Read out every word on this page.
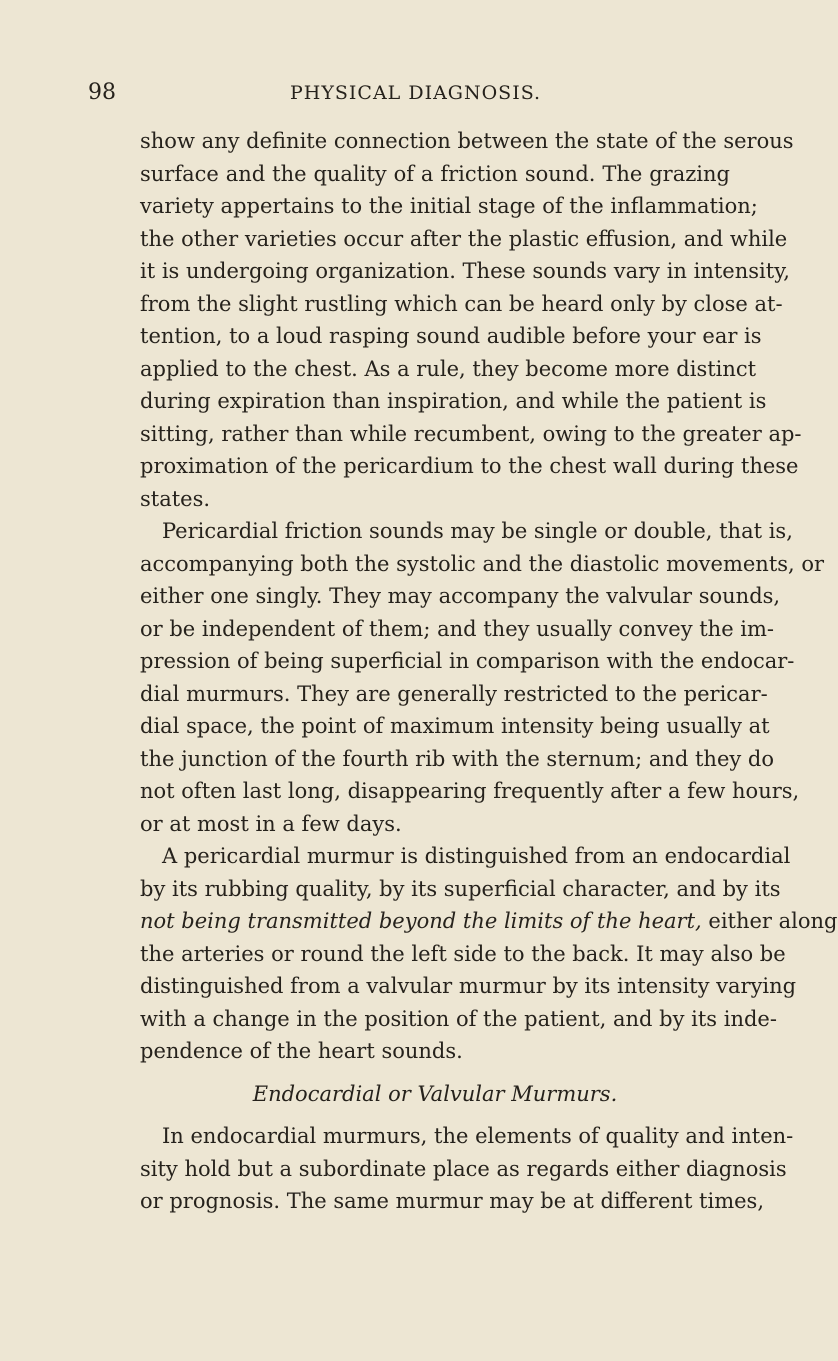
98	PHYSICAL DIAGNOSIS.
show any definite connection between the state of the serous
surface and the quality of a friction sound. The grazing
variety appertains to the initial stage of the inflammation;
the other varieties occur after the plastic effusion, and while
it is undergoing organization. These sounds vary in intensity,
from the slight rustling which can be heard only by close at-
tention, to a loud rasping sound audible before your ear is
applied to the chest. As a rule, they become more distinct
during expiration than inspiration, and while the patient is
sitting, rather than while recumbent, owing to the greater ap-
proximation of the pericardium to the chest wall during these
states.
Pericardial friction sounds may be single or double, that is,
accompanying both the systolic and the diastolic movements, or
either one singly. They may accompany the valvular sounds,
or be independent of them; and they usually convey the im-
pression of being superficial in comparison with the endocar-
dial murmurs. They are generally restricted to the pericar-
dial space, the point of maximum intensity being usually at
the junction of the fourth rib with the sternum; and they do
not often last long, disappearing frequently after a few hours,
or at most in a few days.
A pericardial murmur is distinguished from an endocardial
by its rubbing quality, by its superficial character, and by its
not being transmitted beyond the limits of the heart, either along
the arteries or round the left side to the back. It may also be
distinguished from a valvular murmur by its intensity varying
with a change in the position of the patient, and by its inde-
pendence of the heart sounds.
Endocardial or Valvular Murmurs.
In endocardial murmurs, the elements of quality and inten-
sity hold but a subordinate place as regards either diagnosis
or prognosis. The same murmur may be at different times,
